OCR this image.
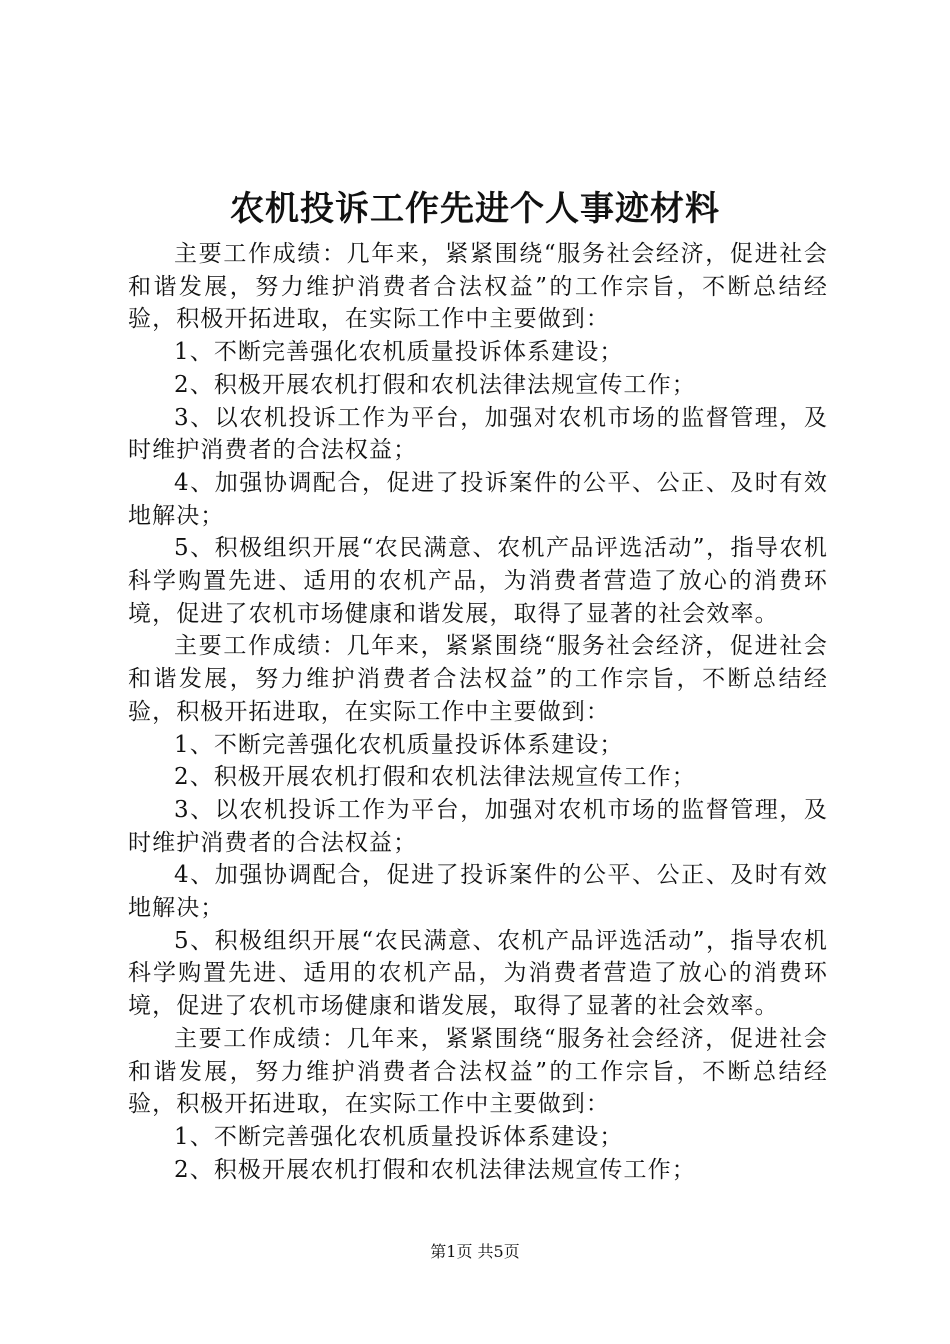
农机投诉工作先进个人事迹材料

主要工作成绩：几年来，紧紧围绕“服务社会经济，促进社会和谐发展，努力维护消费者合法权益”的工作宗旨，不断总结经验，积极开拓进取，在实际工作中主要做到：

1、不断完善强化农机质量投诉体系建设；

2、积极开展农机打假和农机法律法规宣传工作；

3、以农机投诉工作为平台，加强对农机市场的监督管理，及时维护消费者的合法权益；

4、加强协调配合，促进了投诉案件的公平、公正、及时有效地解决；

5、积极组织开展“农民满意、农机产品评选活动”，指导农机科学购置先进、适用的农机产品，为消费者营造了放心的消费环境，促进了农机市场健康和谐发展，取得了显著的社会效率。

主要工作成绩：几年来，紧紧围绕“服务社会经济，促进社会和谐发展，努力维护消费者合法权益”的工作宗旨，不断总结经验，积极开拓进取，在实际工作中主要做到：

1、不断完善强化农机质量投诉体系建设；

2、积极开展农机打假和农机法律法规宣传工作；

3、以农机投诉工作为平台，加强对农机市场的监督管理，及时维护消费者的合法权益；

4、加强协调配合，促进了投诉案件的公平、公正、及时有效地解决；

5、积极组织开展“农民满意、农机产品评选活动”，指导农机科学购置先进、适用的农机产品，为消费者营造了放心的消费环境，促进了农机市场健康和谐发展，取得了显著的社会效率。

主要工作成绩：几年来，紧紧围绕“服务社会经济，促进社会和谐发展，努力维护消费者合法权益”的工作宗旨，不断总结经验，积极开拓进取，在实际工作中主要做到：

1、不断完善强化农机质量投诉体系建设；

2、积极开展农机打假和农机法律法规宣传工作；

第1页 共5页
